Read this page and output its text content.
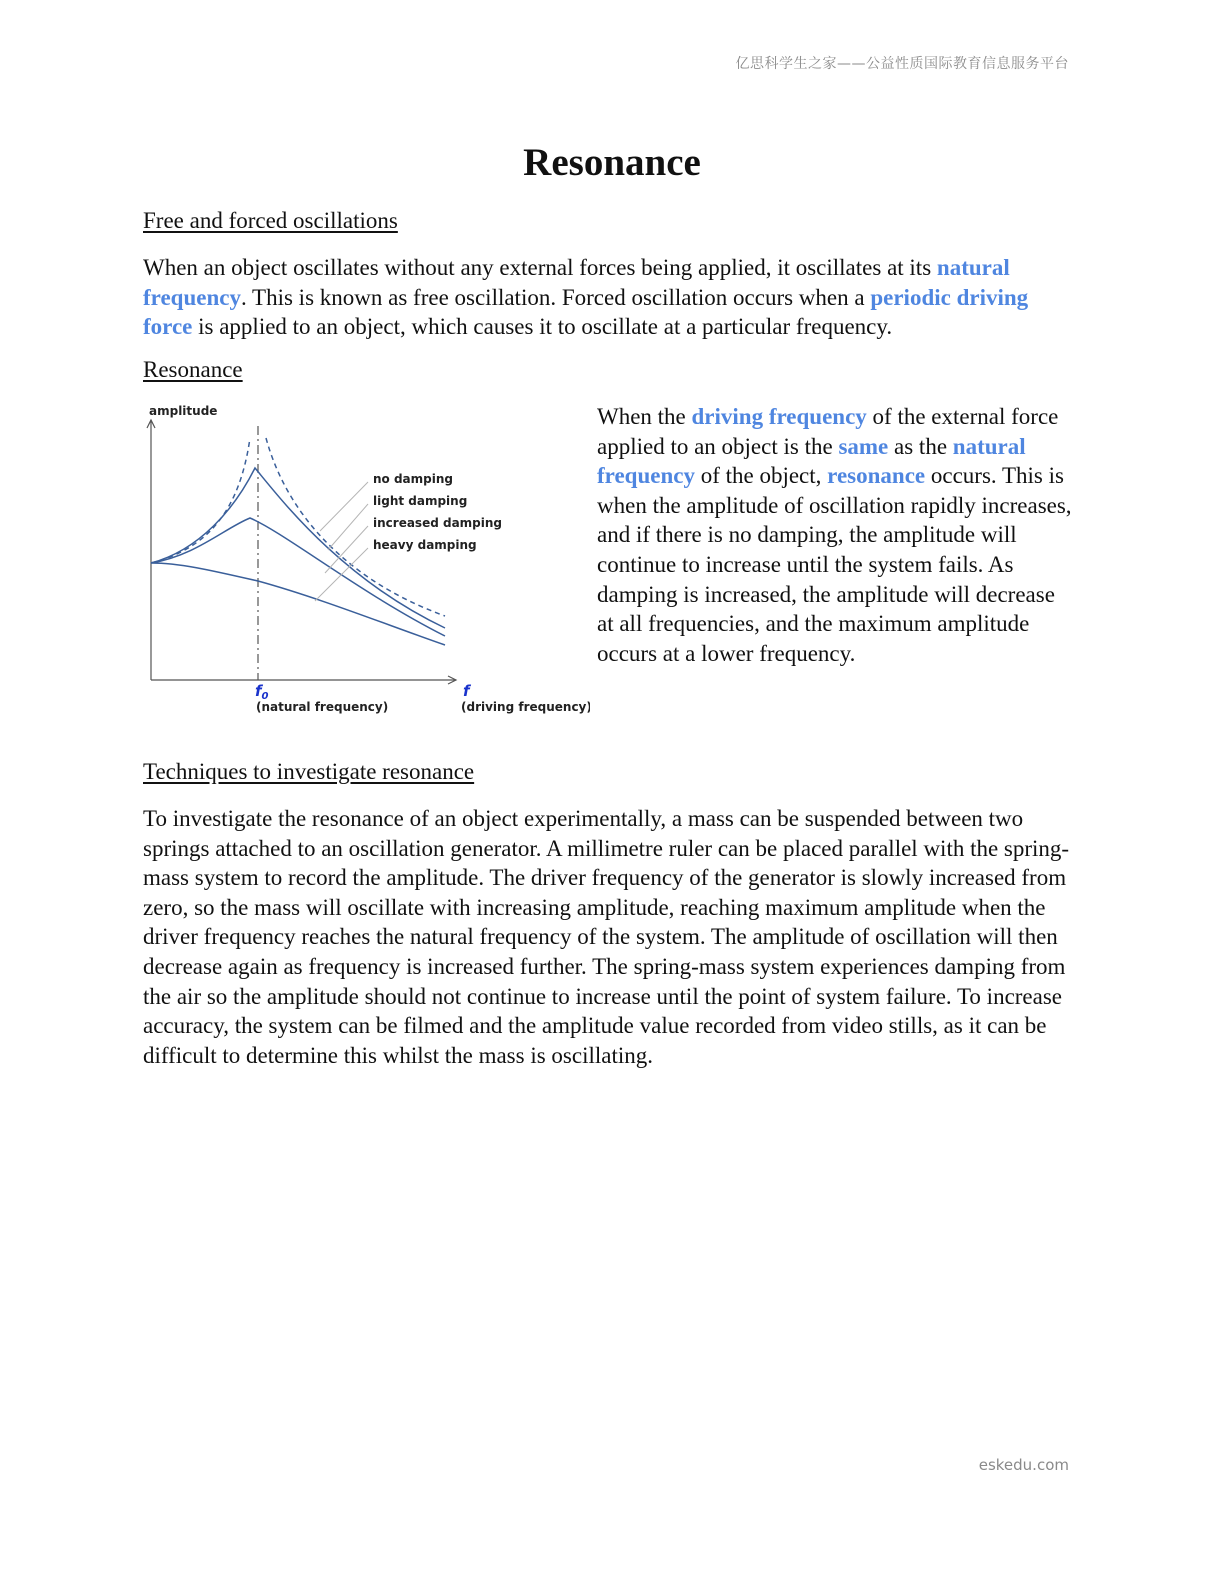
亿思科学生之家——公益性质国际教育信息服务平台
Resonance
Free and forced oscillations

When an object oscillates without any external forces being applied, it oscillates at its natural frequency. This is known as free oscillation. Forced oscillation occurs when a periodic driving force is applied to an object, which causes it to oscillate at a particular frequency.

Resonance
amplitude
no damping
light damping
increased damping
heavy damping
$f_0$
(natural frequency)
f
(driving frequency)

When the driving frequency of the external force applied to an object is the same as the natural frequency of the object, resonance occurs. This is when the amplitude of oscillation rapidly increases, and if there is no damping, the amplitude will continue to increase until the system fails. As damping is increased, the amplitude will decrease at all frequencies, and the maximum amplitude occurs at a lower frequency.

Techniques to investigate resonance

To investigate the resonance of an object experimentally, a mass can be suspended between two springs attached to an oscillation generator. A millimetre ruler can be placed parallel with the spring-mass system to record the amplitude. The driver frequency of the generator is slowly increased from zero, so the mass will oscillate with increasing amplitude, reaching maximum amplitude when the driver frequency reaches the natural frequency of the system. The amplitude of oscillation will then decrease again as frequency is increased further. The spring-mass system experiences damping from the air so the amplitude should not continue to increase until the point of system failure. To increase accuracy, the system can be filmed and the amplitude value recorded from video stills, as it can be difficult to determine this whilst the mass is oscillating.

eskedu.com
